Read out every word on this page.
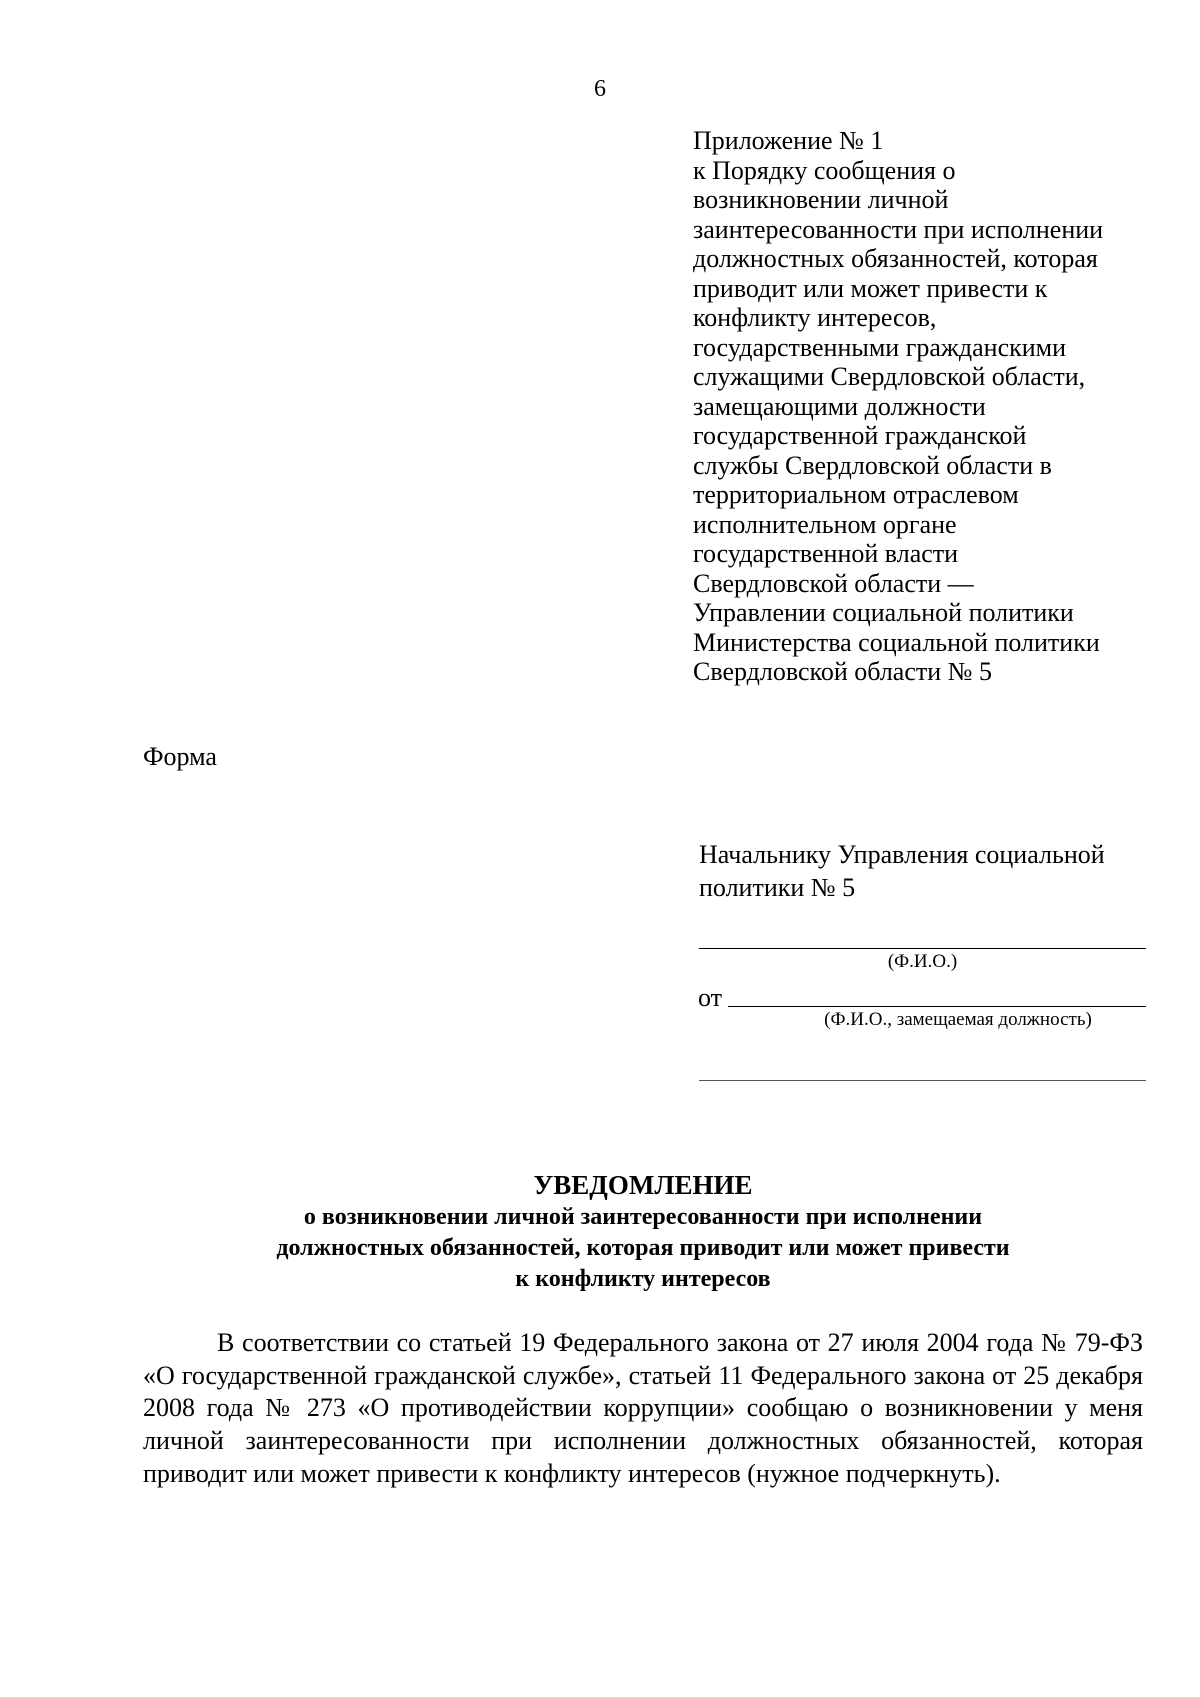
6
Приложение № 1
к Порядку сообщения о
возникновении личной
заинтересованности при исполнении
должностных обязанностей, которая
приводит или может привести к
конфликту интересов,
государственными гражданскими
служащими Свердловской области,
замещающими должности
государственной гражданской
службы Свердловской области в
территориальном отраслевом
исполнительном органе
государственной власти
Свердловской области —
Управлении социальной политики
Министерства социальной политики
Свердловской области № 5
Форма
Начальнику Управления социальной
политики № 5
(Ф.И.О.)
от
(Ф.И.О., замещаемая должность)
УВЕДОМЛЕНИЕ
о возникновении личной заинтересованности при исполнении
должностных обязанностей, которая приводит или может привести
к конфликту интересов

В соответствии со статьей 19 Федерального закона от 27 июля 2004 года № 79-ФЗ «О государственной гражданской службе», статьей 11 Федерального закона от 25 декабря 2008 года № 273 «О противодействии коррупции» сообщаю о возникновении у меня личной заинтересованности при исполнении должностных обязанностей, которая приводит или может привести к конфликту интересов (нужное подчеркнуть).
